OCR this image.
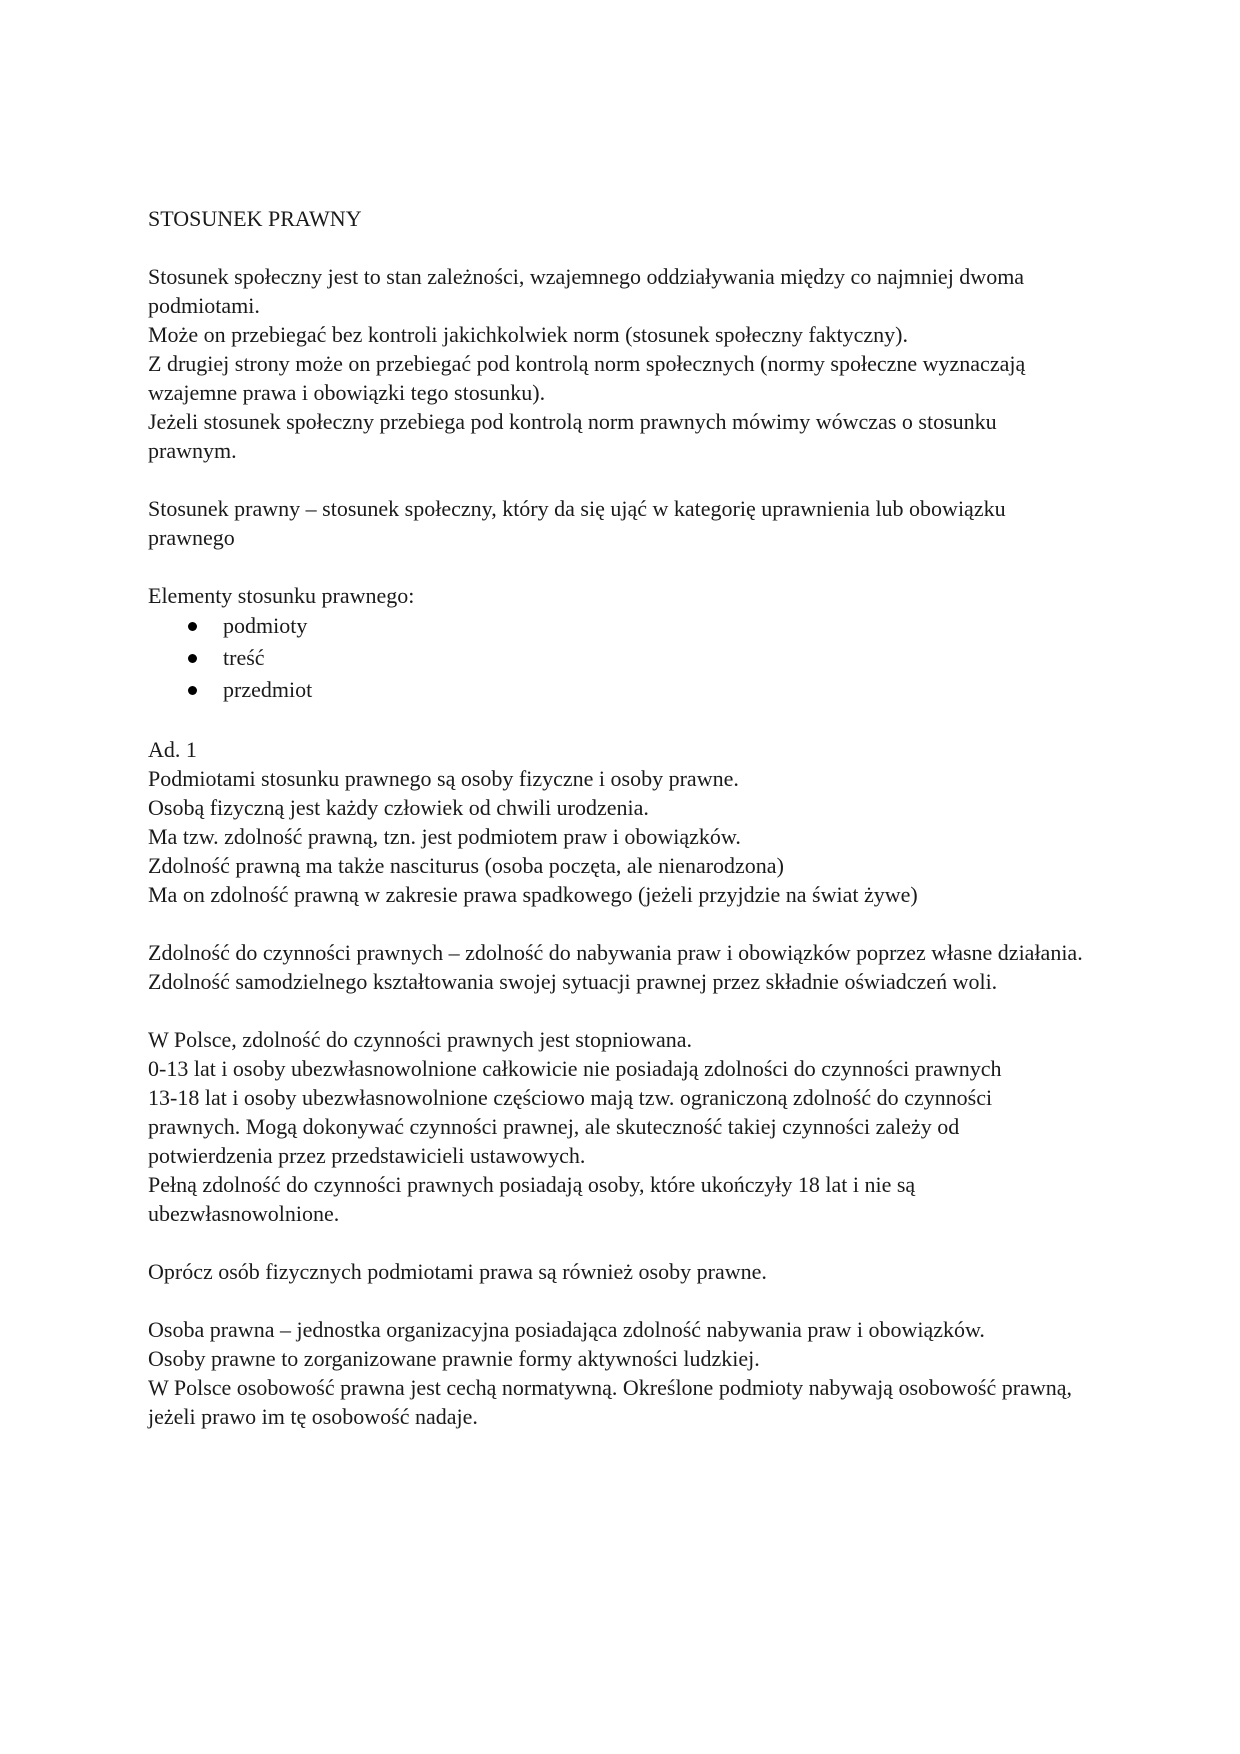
STOSUNEK PRAWNY

Stosunek społeczny jest to stan zależności, wzajemnego oddziaływania między co najmniej dwoma podmiotami.

Może on przebiegać bez kontroli jakichkolwiek norm (stosunek społeczny faktyczny).

Z drugiej strony może on przebiegać pod kontrolą norm społecznych (normy społeczne wyznaczają wzajemne prawa i obowiązki tego stosunku).

Jeżeli stosunek społeczny przebiega pod kontrolą norm prawnych mówimy wówczas o stosunku prawnym.

Stosunek prawny – stosunek społeczny, który da się ująć w kategorię uprawnienia lub obowiązku prawnego

Elementy stosunku prawnego:

podmioty
treść
przedmiot

Ad. 1

Podmiotami stosunku prawnego są osoby fizyczne i osoby prawne.

Osobą fizyczną jest każdy człowiek od chwili urodzenia.

Ma tzw. zdolność prawną, tzn. jest podmiotem praw i obowiązków.

Zdolność prawną ma także nasciturus (osoba poczęta, ale nienarodzona)

Ma on zdolność prawną w zakresie prawa spadkowego (jeżeli przyjdzie na świat żywe)

Zdolność do czynności prawnych – zdolność do nabywania praw i obowiązków poprzez własne działania.

Zdolność samodzielnego kształtowania swojej sytuacji prawnej przez składnie oświadczeń woli.

W Polsce, zdolność do czynności prawnych jest stopniowana.

0-13 lat i osoby ubezwłasnowolnione całkowicie nie posiadają zdolności do czynności prawnych

13-18 lat i osoby ubezwłasnowolnione częściowo mają tzw. ograniczoną zdolność do czynności prawnych. Mogą dokonywać czynności prawnej, ale skuteczność takiej czynności zależy od potwierdzenia przez przedstawicieli ustawowych.

Pełną zdolność do czynności prawnych posiadają osoby, które ukończyły 18 lat i nie są ubezwłasnowolnione.

Oprócz osób fizycznych podmiotami prawa są również osoby prawne.

Osoba prawna – jednostka organizacyjna posiadająca zdolność nabywania praw i obowiązków.

Osoby prawne to zorganizowane prawnie formy aktywności ludzkiej.

W Polsce osobowość prawna jest cechą normatywną. Określone podmioty nabywają osobowość prawną, jeżeli prawo im tę osobowość nadaje.
